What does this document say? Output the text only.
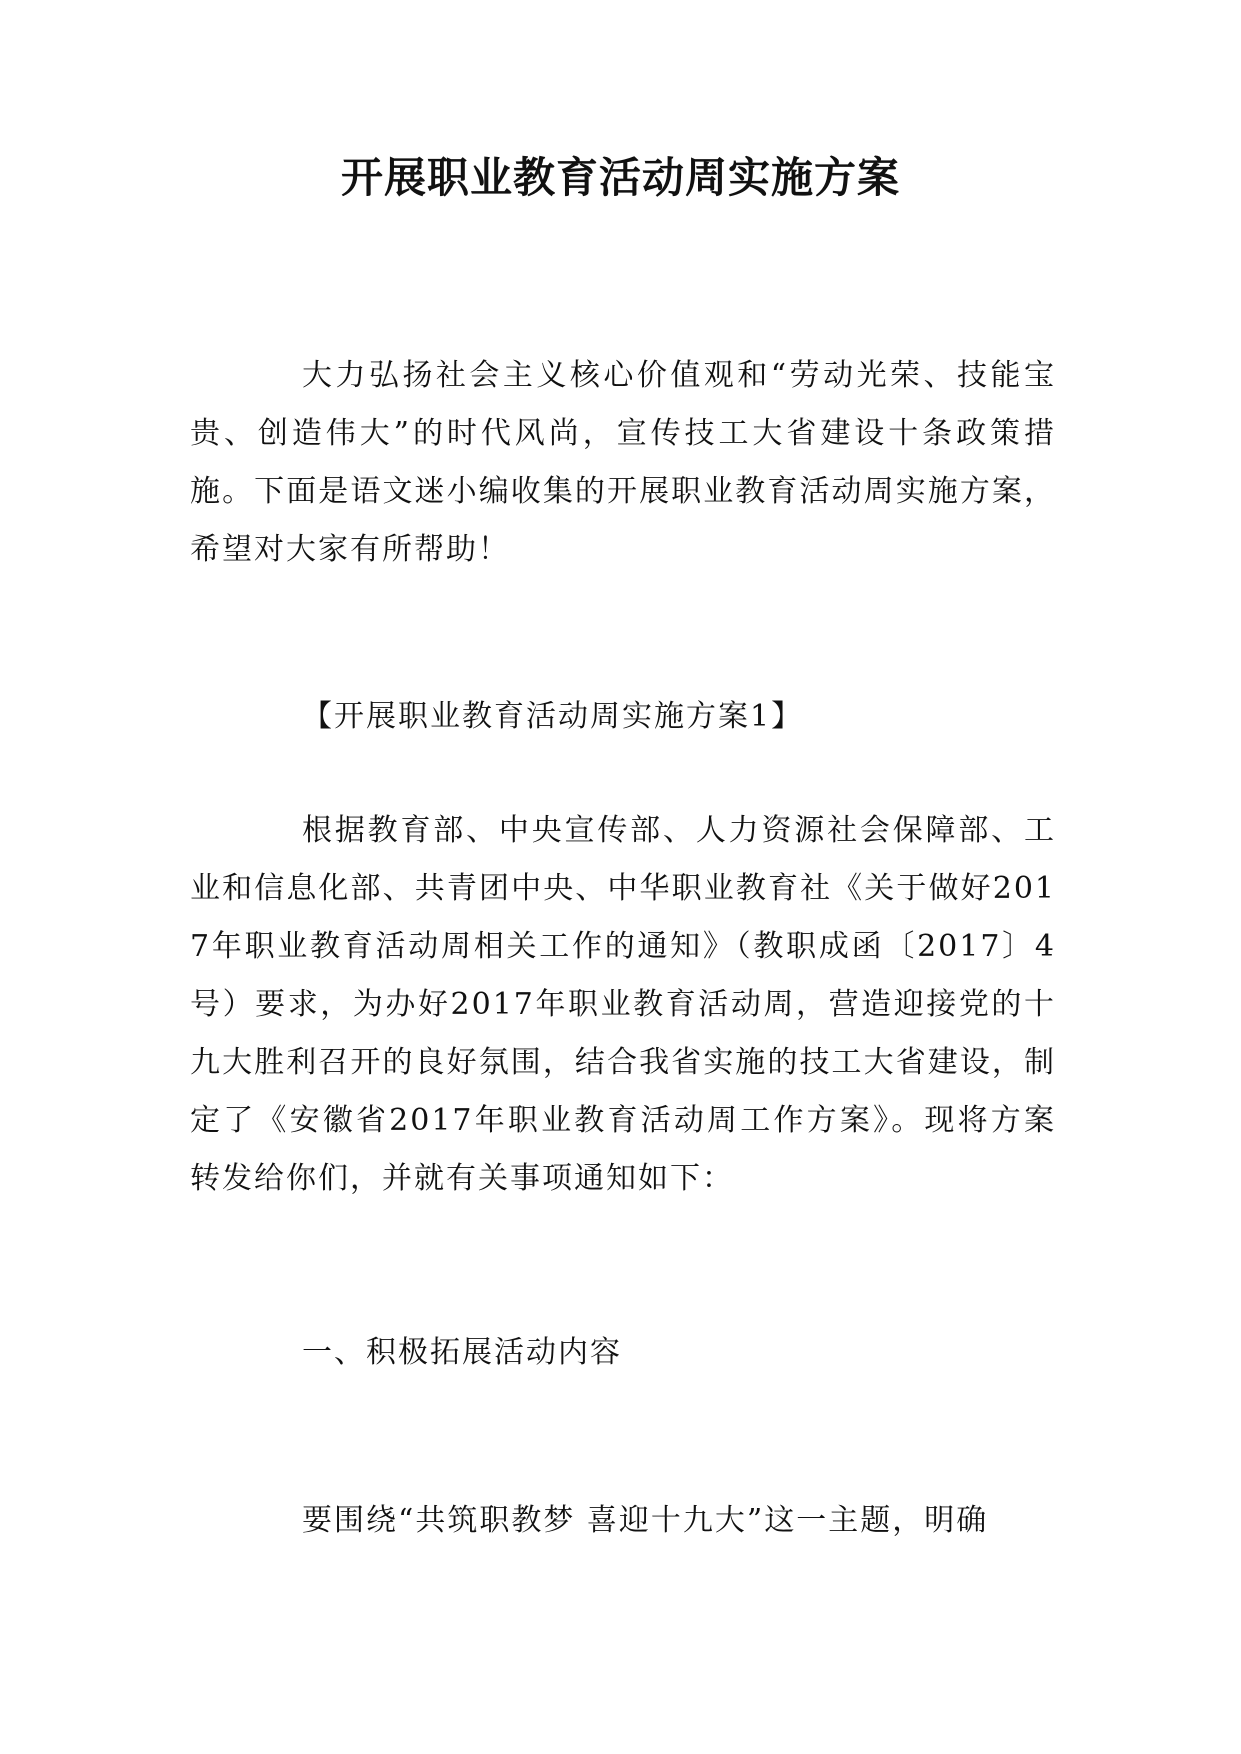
开展职业教育活动周实施方案

大力弘扬社会主义核心价值观和“劳动光荣、技能宝贵、创造伟大”的时代风尚，宣传技工大省建设十条政策措施。下面是语文迷小编收集的开展职业教育活动周实施方案，希望对大家有所帮助！

【开展职业教育活动周实施方案1】

根据教育部、中央宣传部、人力资源社会保障部、工业和信息化部、共青团中央、中华职业教育社《关于做好2017年职业教育活动周相关工作的通知》（教职成函〔2017〕4号）要求，为办好2017年职业教育活动周，营造迎接党的十九大胜利召开的良好氛围，结合我省实施的技工大省建设，制定了《安徽省2017年职业教育活动周工作方案》。现将方案转发给你们，并就有关事项通知如下：

一、积极拓展活动内容

要围绕“共筑职教梦 喜迎十九大”这一主题，明确
